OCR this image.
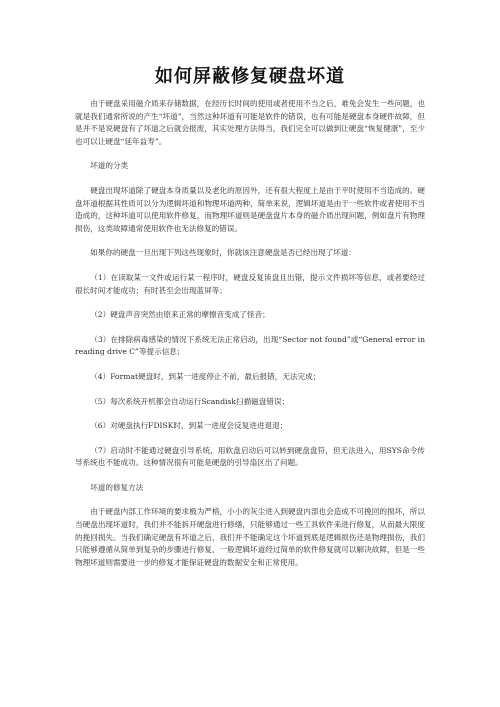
如何屏蔽修复硬盘坏道

由于硬盘采用磁介质来存储数据，在经历长时间的使用或者使用不当之后，难免会发生一些问题，也就是我们通常所说的产生“坏道”，当然这种坏道有可能是软件的错误，也有可能是硬盘本身硬件故障，但是并不是说硬盘有了坏道之后就会报废，其实处理方法得当，我们完全可以做到让硬盘“恢复健康”，至少也可以让硬盘“延年益寿”。

坏道的分类

硬盘出现坏道除了硬盘本身质量以及老化的原因外，还有很大程度上是由于平时使用不当造成的。硬盘坏道根据其性质可以分为逻辑坏道和物理坏道两种，简单来说，逻辑坏道是由于一些软件或者使用不当造成的，这种坏道可以使用软件修复，而物理坏道则是硬盘盘片本身的磁介质出现问题，例如盘片有物理损伤，这类故障通常使用软件也无法修复的错误。

如果你的硬盘一旦出现下列这些现象时，你就该注意硬盘是否已经出现了坏道：

（1）在读取某一文件或运行某一程序时，硬盘反复读盘且出错，提示文件损坏等信息，或者要经过很长时间才能成功；有时甚至会出现蓝屏等；

（2）硬盘声音突然由原来正常的摩擦音变成了怪音；

（3）在排除病毒感染的情况下系统无法正常启动，出现“Sector not found”或“General error in reading drive C”等提示信息；

（4）Format硬盘时，到某一进度停止不前，最后报错，无法完成；

（5）每次系统开机都会自动运行Scandisk扫描磁盘错误；

（6）对硬盘执行FDISK时，到某一进度会反复进进退退；

（7）启动时不能通过硬盘引导系统，用软盘启动后可以转到硬盘盘符，但无法进入，用SYS命令传导系统也不能成功。这种情况很有可能是硬盘的引导扇区出了问题。

坏道的修复方法

由于硬盘内部工作环境的要求极为严格，小小的灰尘进入到硬盘内部也会造成不可挽回的损坏，所以当硬盘出现坏道时，我们并不能拆开硬盘进行修缮，只能够通过一些工具软件来进行修复，从而最大限度的挽回损失。当我们确定硬盘有坏道之后，我们并不能确定这个坏道到底是逻辑损伤还是物理损伤，我们只能够遵循从简单到复杂的步骤进行修复，一般逻辑坏道经过简单的软件修复就可以解决故障，但是一些物理坏道则需要进一步的修复才能保证硬盘的数据安全和正常使用。
